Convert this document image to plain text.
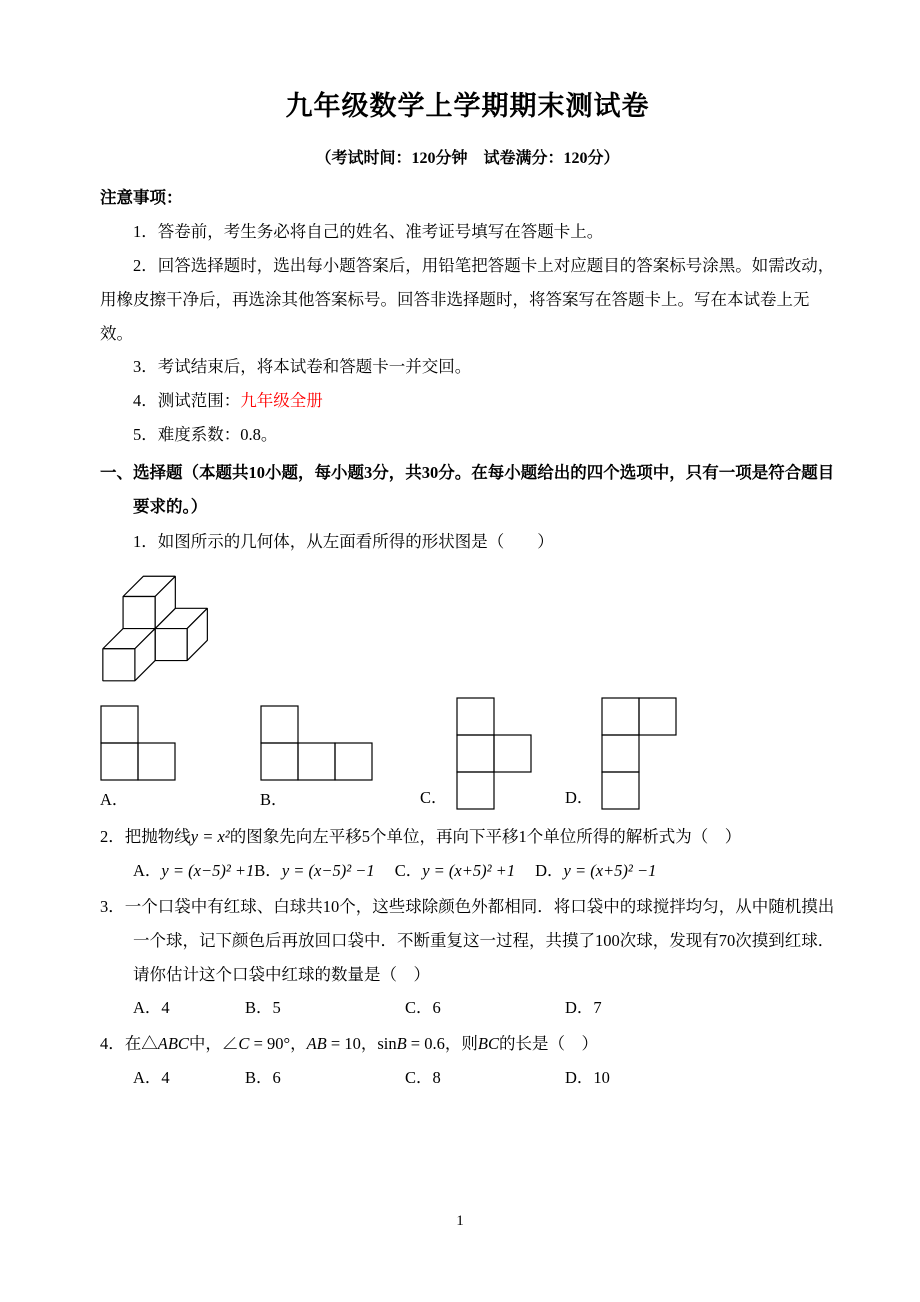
九年级数学上学期期末测试卷

（考试时间：120分钟　试卷满分：120分）

注意事项：

1．答卷前，考生务必将自己的姓名、准考证号填写在答题卡上。

2．回答选择题时，选出每小题答案后，用铅笔把答题卡上对应题目的答案标号涂黑。如需改动，用橡皮擦干净后，再选涂其他答案标号。回答非选择题时，将答案写在答题卡上。写在本试卷上无效。

3．考试结束后，将本试卷和答题卡一并交回。

4．测试范围：九年级全册

5．难度系数：0.8。

一、选择题（本题共10小题，每小题3分，共30分。在每小题给出的四个选项中，只有一项是符合题目要求的。）

1．如图所示的几何体，从左面看所得的形状图是（　　）

A．	B．	C．	D．

2．把抛物线y = x²的图象先向左平移5个单位，再向下平移1个单位所得的解析式为（　）

A．y = (x−5)² +1B．y = (x−5)² −1 C．y = (x+5)² +1 D．y = (x+5)² −1

3．一个口袋中有红球、白球共10个，这些球除颜色外都相同．将口袋中的球搅拌均匀，从中随机摸出一个球，记下颜色后再放回口袋中．不断重复这一过程，共摸了100次球，发现有70次摸到红球．请你估计这个口袋中红球的数量是（　）

A．4	B．5	C．6	D．7

4．在△ABC中，∠C = 90°，AB = 10，sinB = 0.6，则BC的长是（　）

A．4	B．6	C．8	D．10
1
